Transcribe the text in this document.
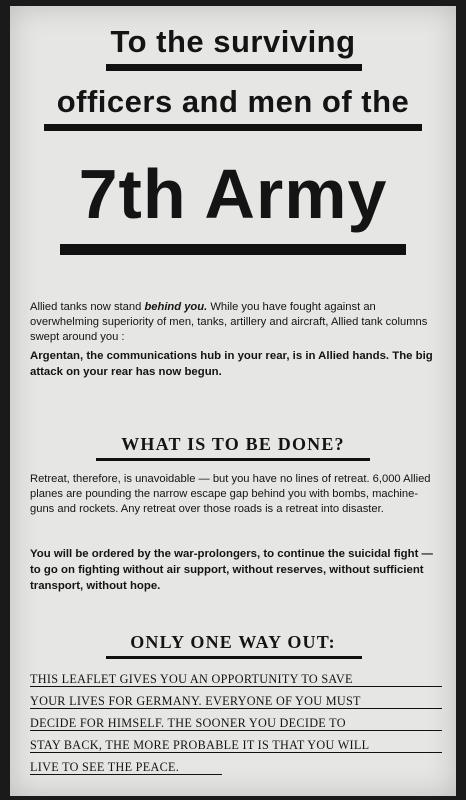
To the surviving
officers and men of the
7th Army
Allied tanks now stand behind you. While you have fought against an overwhelming superiority of men, tanks, artillery and aircraft, Allied tank columns swept around you :
Argentan, the communications hub in your rear, is in Allied hands. The big attack on your rear has now begun.
WHAT IS TO BE DONE?
Retreat, therefore, is unavoidable — but you have no lines of retreat. 6,000 Allied planes are pounding the narrow escape gap behind you with bombs, machine-guns and rockets. Any retreat over those roads is a retreat into disaster.
You will be ordered by the war-prolongers, to continue the suicidal fight — to go on fighting without air support, without reserves, without sufficient transport, without hope.
ONLY ONE WAY OUT:
THIS LEAFLET GIVES YOU AN OPPORTUNITY TO SAVE
YOUR LIVES FOR GERMANY. EVERYONE OF YOU MUST
DECIDE FOR HIMSELF. THE SOONER YOU DECIDE TO
STAY BACK, THE MORE PROBABLE IT IS THAT YOU WILL
LIVE TO SEE THE PEACE.
